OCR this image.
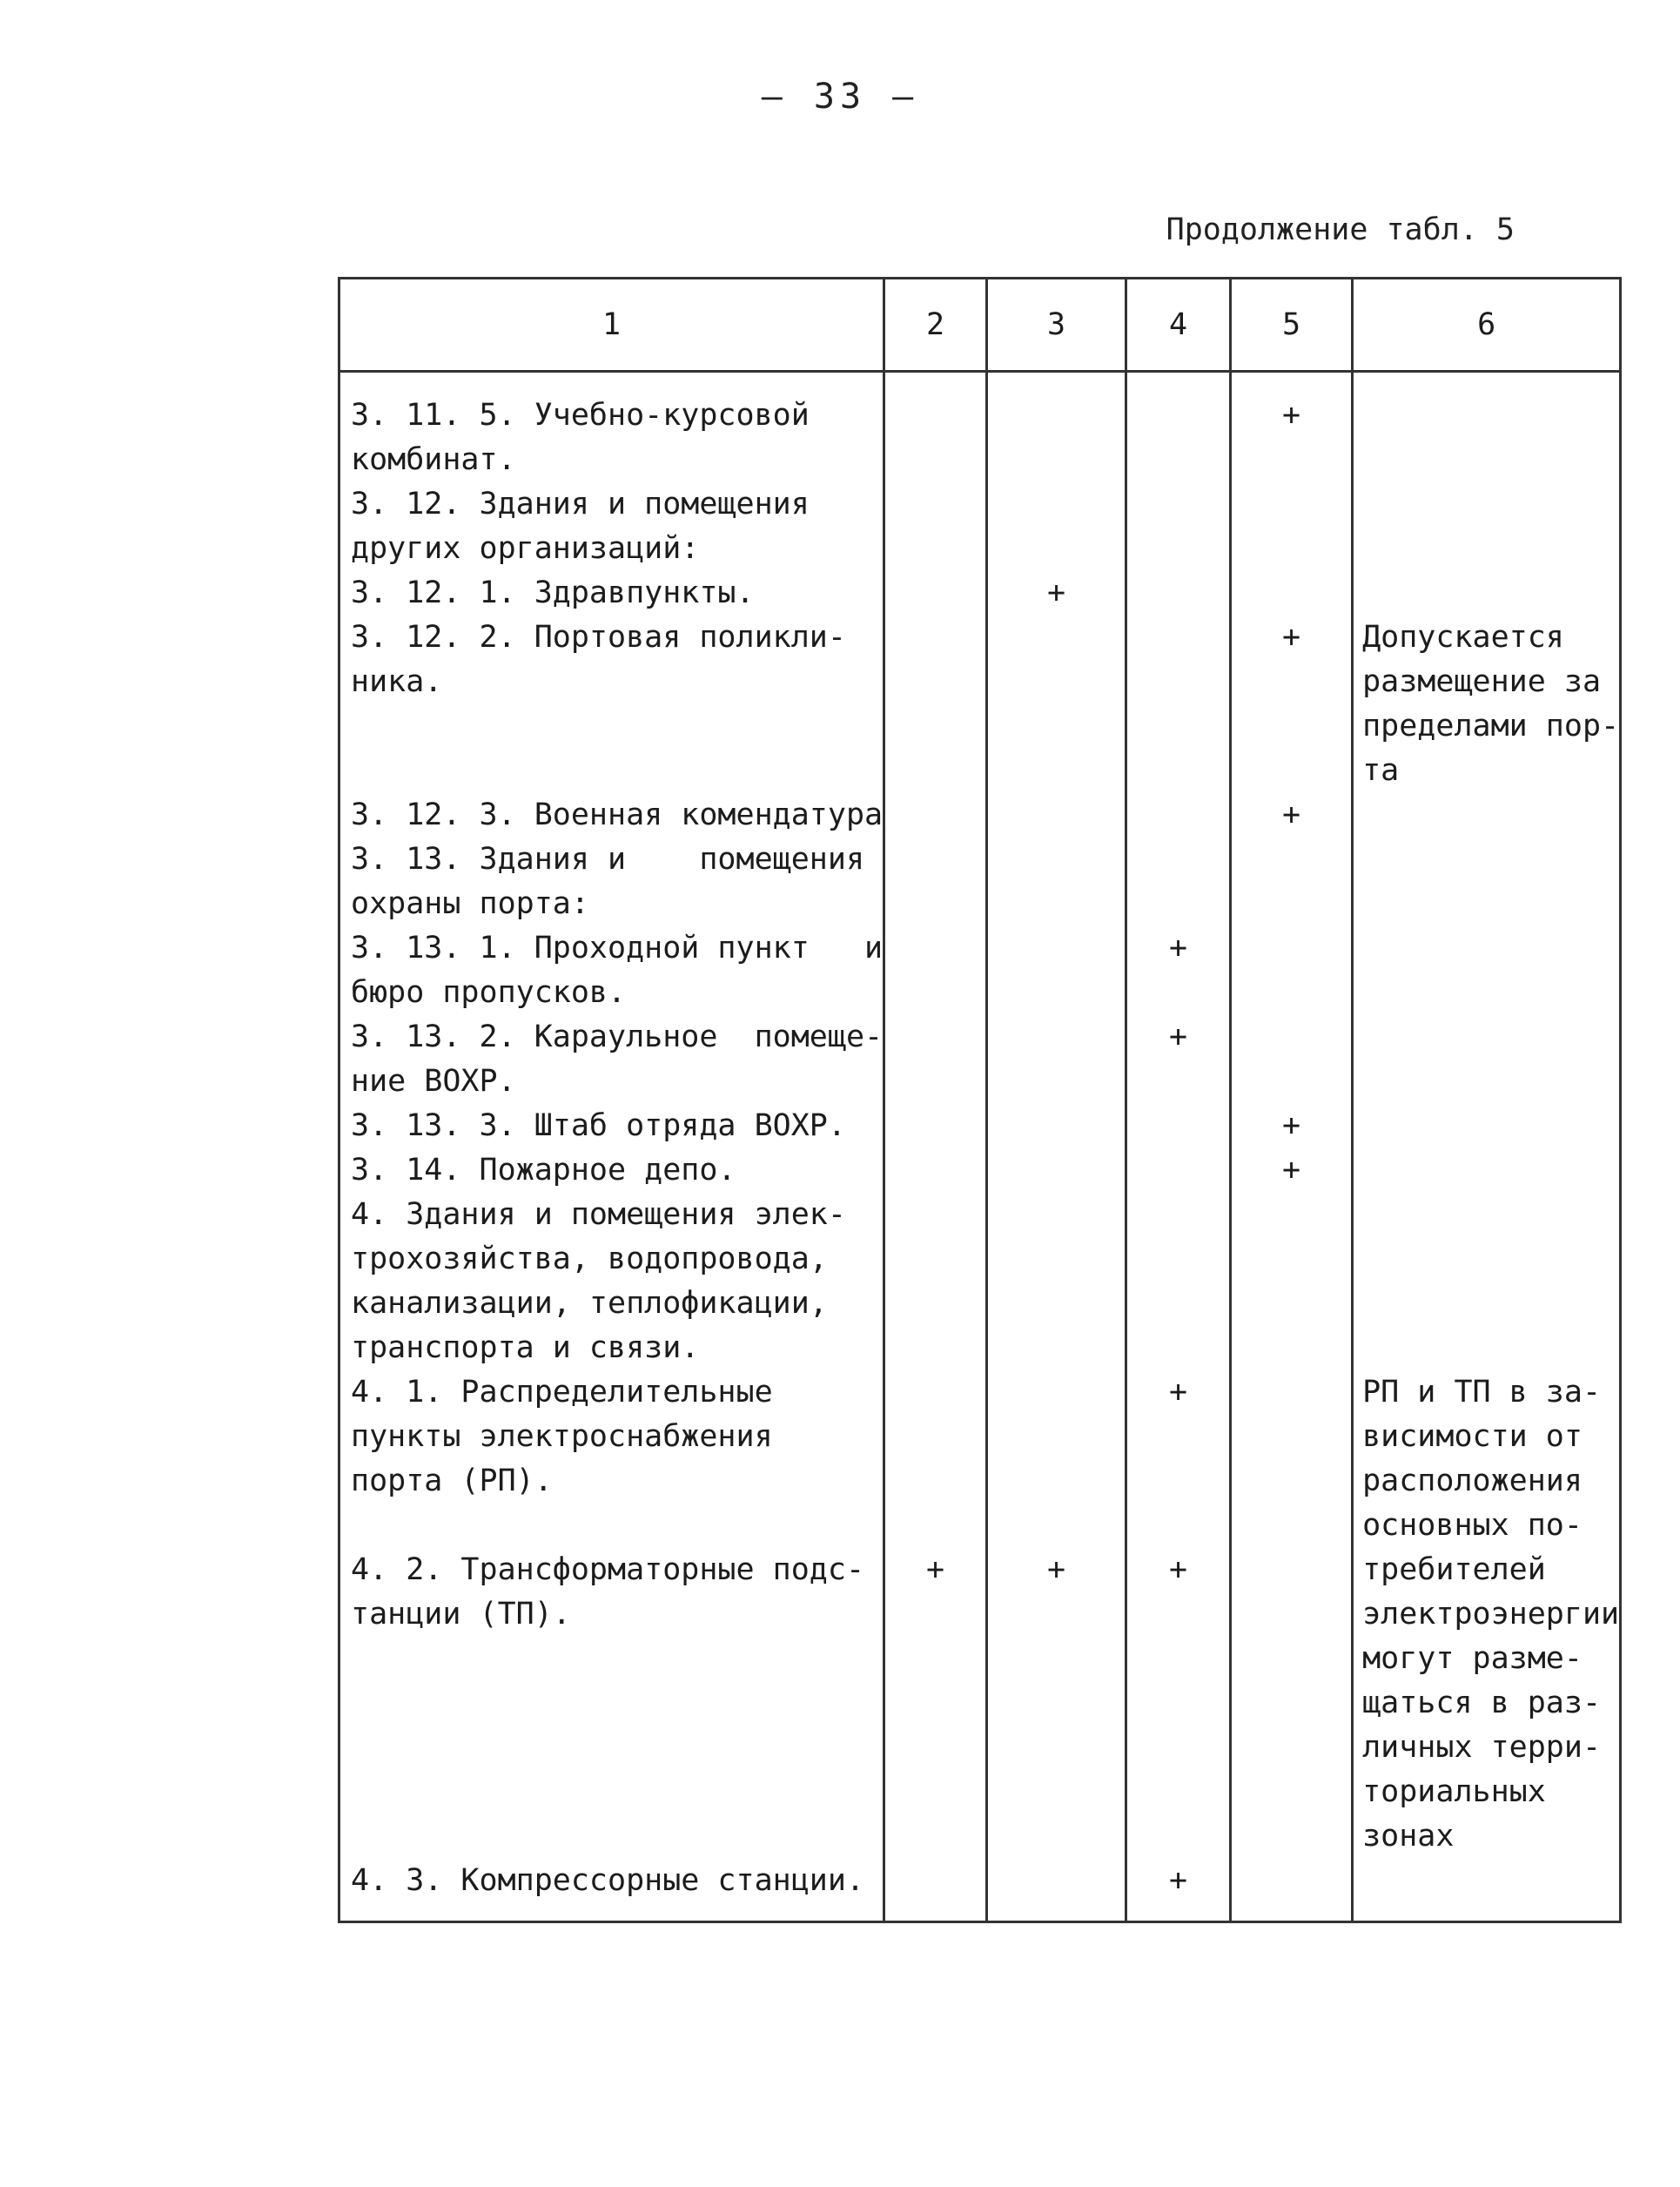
– 33 –
Продолжение табл. 5
1	2	3	4	5	6
3. 11. 5. Учебно-курсовой				+	
комбинат.					
3. 12. Здания и помещения					
других организаций:					
3. 12. 1. Здравпункты.		+			
3. 12. 2. Портовая поликли-				+	Допускается
ника.					размещение за
					пределами пор-
					та
3. 12. 3. Военная комендатура				+	
3. 13. Здания и    помещения					
охраны порта:					
3. 13. 1. Проходной пункт   и			+		
бюро пропусков.					
3. 13. 2. Караульное  помеще-			+		
ние ВОХР.					
3. 13. 3. Штаб отряда ВОХР.				+	
3. 14. Пожарное депо.				+	
4. Здания и помещения элек-					
трохозяйства, водопровода,					
канализации, теплофикации,					
транспорта и связи.					
4. 1. Распределительные			+		РП и ТП в за-
пункты электроснабжения					висимости от
порта (РП).					расположения
					основных по-
4. 2. Трансформаторные подс-	+	+	+		требителей
танции (ТП).					электроэнергии
					могут разме-
					щаться в раз-
					личных терри-
					ториальных
					зонах
4. 3. Компрессорные станции.			+		
